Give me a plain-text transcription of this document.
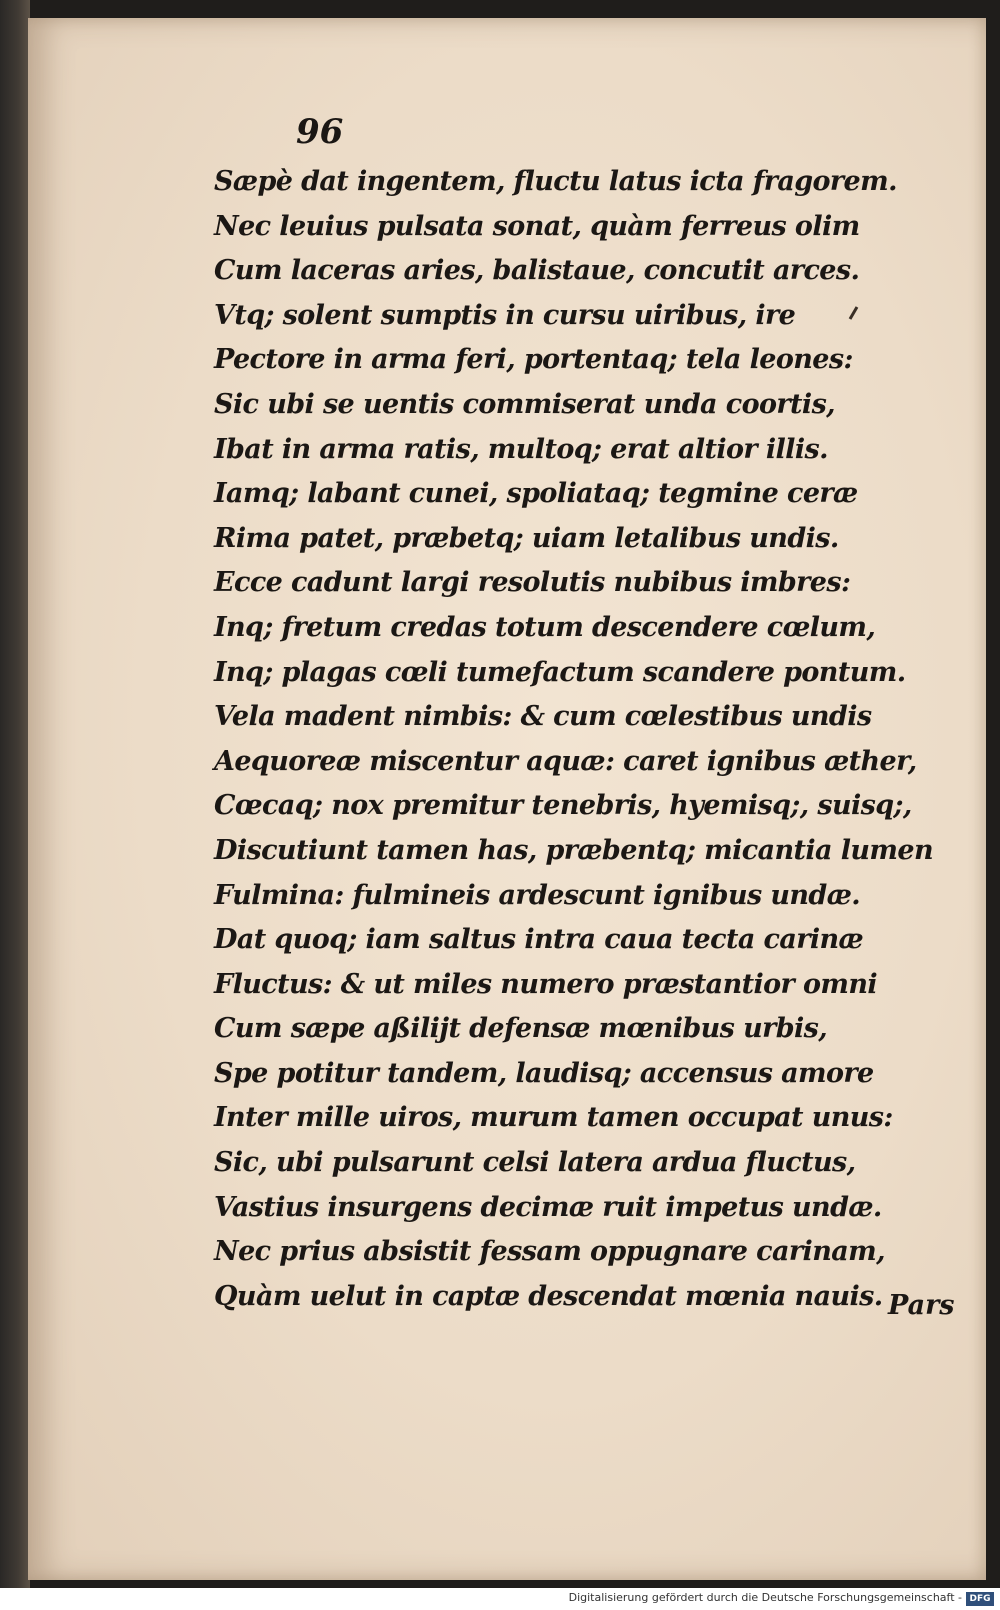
96

Sæpè dat ingentem, fluctu latus icta fragorem.
Nec leuius pulsata sonat, quàm ferreus olim
Cum laceras aries, balistaue, concutit arces.
Vtq; solent sumptis in cursu uiribus, ire
Pectore in arma feri, portentaq; tela leones:
Sic ubi se uentis commiserat unda coortis,
Ibat in arma ratis, multoq; erat altior illis.
Iamq; labant cunei, spoliataq; tegmine ceræ
Rima patet, præbetq; uiam letalibus undis.
Ecce cadunt largi resolutis nubibus imbres:
Inq; fretum credas totum descendere cœlum,
Inq; plagas cœli tumefactum scandere pontum.
Vela madent nimbis: & cum cœlestibus undis
Aequoreæ miscentur aquæ: caret ignibus æther,
Cœcaq; nox premitur tenebris, hyemisq;, suisq;,
Discutiunt tamen has, præbentq; micantia lumen
Fulmina: fulmineis ardescunt ignibus undæ.
Dat quoq; iam saltus intra caua tecta carinæ
Fluctus: & ut miles numero præstantior omni
Cum sæpe aßilijt defensæ mœnibus urbis,
Spe potitur tandem, laudisq; accensus amore
Inter mille uiros, murum tamen occupat unus:
Sic, ubi pulsarunt celsi latera ardua fluctus,
Vastius insurgens decimæ ruit impetus undæ.
Nec prius absistit fessam oppugnare carinam,
Quàm uelut in captæ descendat mœnia nauis. Pars

Digitalisierung gefördert durch die Deutsche Forschungsgemeinschaft - DFG
